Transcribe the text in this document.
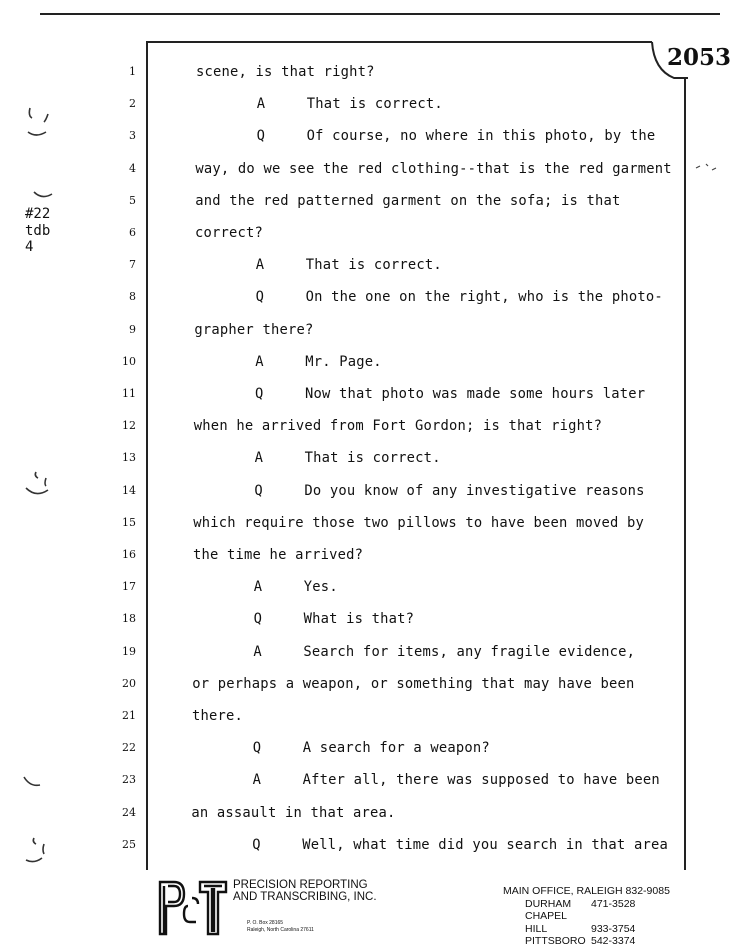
2053
#22
tdb
4
1	scene, is that right?
2	A	That is correct.
3	Q	Of course, no where in this photo, by the
4	way, do we see the red clothing--that is the red garment
5	and the red patterned garment on the sofa; is that
6	correct?
7	A	That is correct.
8	Q	On the one on the right, who is the photo-
9	grapher there?
10	A	Mr. Page.
11	Q	Now that photo was made some hours later
12	when he arrived from Fort Gordon; is that right?
13	A	That is correct.
14	Q	Do you know of any investigative reasons
15	which require those two pillows to have been moved by
16	the time he arrived?
17	A	Yes.
18	Q	What is that?
19	A	Search for items, any fragile evidence,
20	or perhaps a weapon, or something that may have been
21	there.
22	Q	A search for a weapon?
23	A	After all, there was supposed to have been
24	an assault in that area.
25	Q	Well, what time did you search in that area
PRECISION REPORTING
AND TRANSCRIBING, INC.
P. O. Box 28165
Raleigh, North Carolina 27611
MAIN OFFICE, RALEIGH 832-9085
DURHAM 471-3528
CHAPEL HILL	933-3754
PITTSBORO 542-3374
